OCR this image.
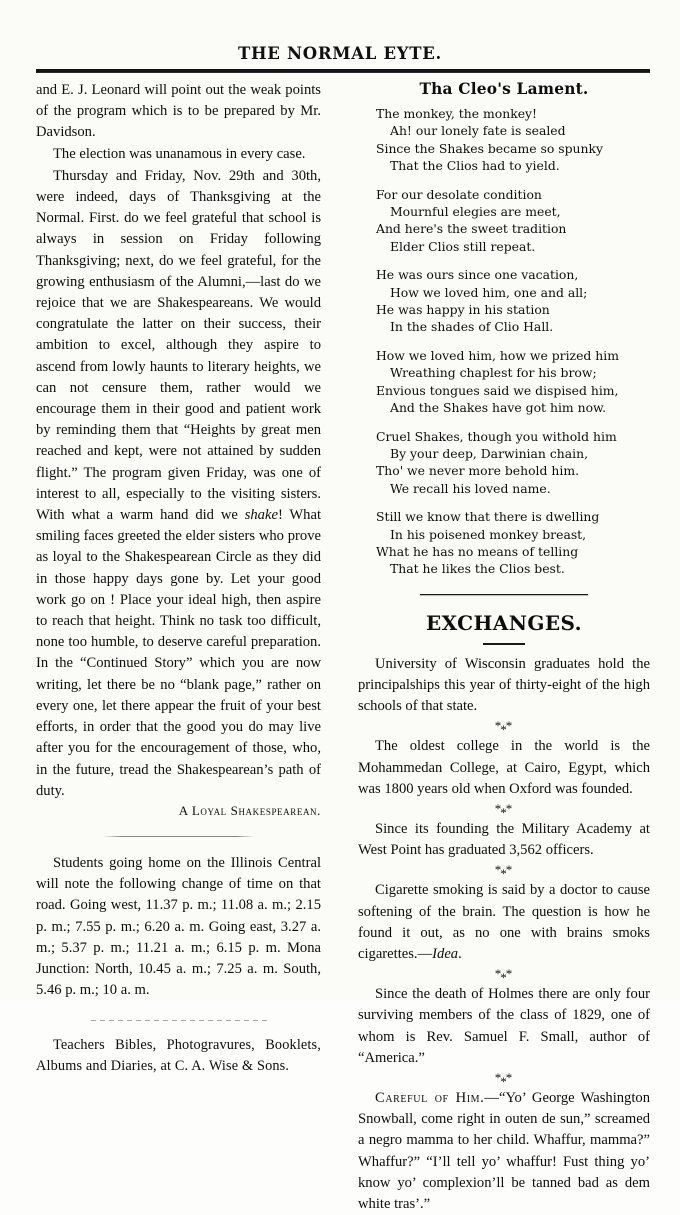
THE NORMAL EYTE.

and E. J. Leonard will point out the weak points of the program which is to be prepared by Mr. Davidson.

The election was unanamous in every case.

Thursday and Friday, Nov. 29th and 30th, were indeed, days of Thanksgiving at the Normal. First. do we feel grateful that school is always in session on Friday following Thanksgiving; next, do we feel grateful, for the growing enthusiasm of the Alumni,—last do we rejoice that we are Shakespeareans. We would congratulate the latter on their success, their ambition to excel, although they aspire to ascend from lowly haunts to literary heights, we can not censure them, rather would we encourage them in their good and patient work by reminding them that “Heights by great men reached and kept, were not attained by sudden flight.” The program given Friday, was one of interest to all, especially to the visiting sisters. With what a warm hand did we shake! What smiling faces greeted the elder sisters who prove as loyal to the Shakespearean Circle as they did in those happy days gone by. Let your good work go on ! Place your ideal high, then aspire to reach that height. Think no task too difficult, none too humble, to deserve careful preparation. In the “Continued Story” which you are now writing, let there be no “blank page,” rather on every one, let there appear the fruit of your best efforts, in order that the good you do may live after you for the encouragement of those, who, in the future, tread the Shakespearean’s path of duty.

A Loyal Shakespearean.

Students going home on the Illinois Central will note the following change of time on that road. Going west, 11.37 p. m.; 11.08 a. m.; 2.15 p. m.; 7.55 p. m.; 6.20 a. m. Going east, 3.27 a. m.; 5.37 p. m.; 11.21 a. m.; 6.15 p. m. Mona Junction: North, 10.45 a. m.; 7.25 a. m. South, 5.46 p. m.; 10 a. m.

Teachers Bibles, Photogravures, Booklets, Albums and Diaries, at C. A. Wise & Sons.

Tha Cleo's Lament.
The monkey, the monkey!
Ah! our lonely fate is sealed
Since the Shakes became so spunky
That the Clios had to yield.
For our desolate condition
Mournful elegies are meet,
And here's the sweet tradition
Elder Clios still repeat.
He was ours since one vacation,
How we loved him, one and all;
He was happy in his station
In the shades of Clio Hall.
How we loved him, how we prized him
Wreathing chaplest for his brow;
Envious tongues said we dispised him,
And the Shakes have got him now.
Cruel Shakes, though you withold him
By your deep, Darwinian chain,
Tho' we never more behold him.
We recall his loved name.
Still we know that there is dwelling
In his poisened monkey breast,
What he has no means of telling
That he likes the Clios best.
EXCHANGES.

University of Wisconsin graduates hold the principalships this year of thirty-eight of the high schools of that state.

***

The oldest college in the world is the Mohammedan College, at Cairo, Egypt, which was 1800 years old when Oxford was founded.

***

Since its founding the Military Academy at West Point has graduated 3,562 officers.

***

Cigarette smoking is said by a doctor to cause softening of the brain. The question is how he found it out, as no one with brains smoks cigarettes.—Idea.

***

Since the death of Holmes there are only four surviving members of the class of 1829, one of whom is Rev. Samuel F. Small, author of “America.”

***

Careful of Him.—“Yo’ George Washington Snowball, come right in outen de sun,” screamed a negro mamma to her child. Whaffur, mamma?” Whaffur?” “I’ll tell yo’ whaffur! Fust thing yo’ know yo’ complexion’ll be tanned bad as dem white tras’.”
